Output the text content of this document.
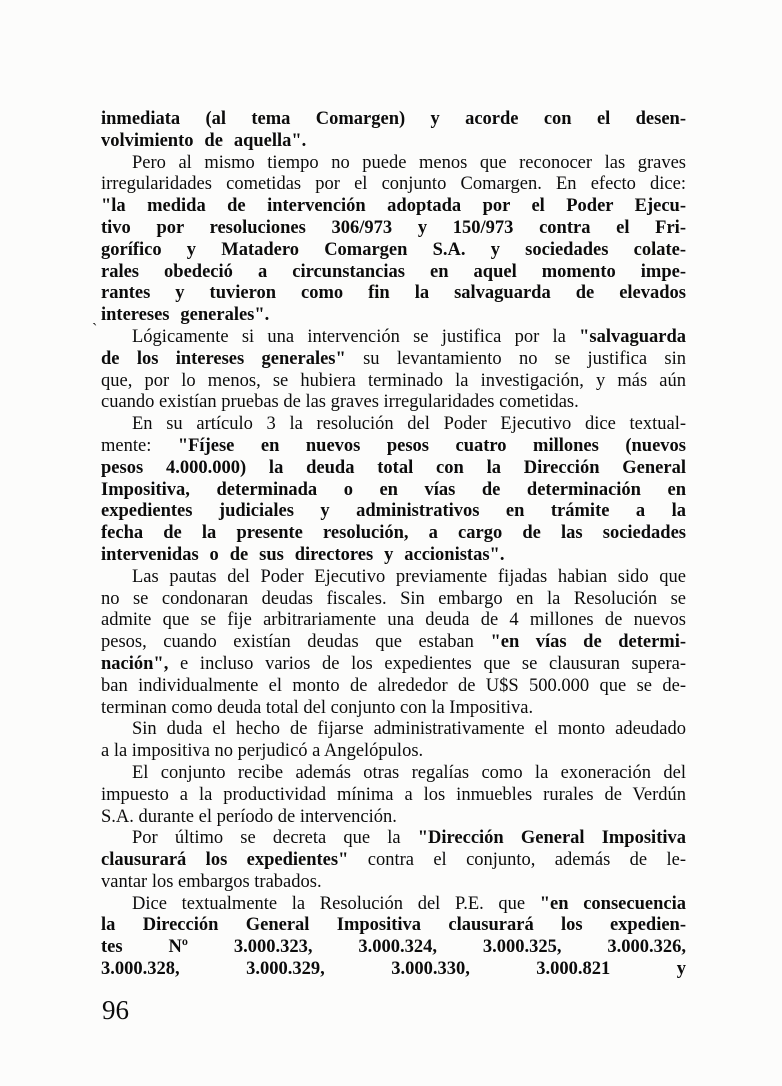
`
inmediata (al tema Comargen) y acorde con el desen-
volvimiento de aquella".
Pero al mismo tiempo no puede menos que reconocer las graves
irregularidades cometidas por el conjunto Comargen. En efecto dice:
"la medida de intervención adoptada por el Poder Ejecu-
tivo por resoluciones 306/973 y 150/973 contra el Fri-
gorífico y Matadero Comargen S.A. y sociedades colate-
rales obedeció a circunstancias en aquel momento impe-
rantes y tuvieron como fin la salvaguarda de elevados
intereses generales".
Lógicamente si una intervención se justifica por la "salvaguarda
de los intereses generales" su levantamiento no se justifica sin
que, por lo menos, se hubiera terminado la investigación, y más aún
cuando existían pruebas de las graves irregularidades cometidas.
En su artículo 3 la resolución del Poder Ejecutivo dice textual-
mente: "Fíjese en nuevos pesos cuatro millones (nuevos
pesos 4.000.000) la deuda total con la Dirección General
Impositiva, determinada o en vías de determinación en
expedientes judiciales y administrativos en trámite a la
fecha de la presente resolución, a cargo de las sociedades
intervenidas o de sus directores y accionistas".
Las pautas del Poder Ejecutivo previamente fijadas habian sido que
no se condonaran deudas fiscales. Sin embargo en la Resolución se
admite que se fije arbitrariamente una deuda de 4 millones de nuevos
pesos, cuando existían deudas que estaban "en vías de determi-
nación", e incluso varios de los expedientes que se clausuran supera-
ban individualmente el monto de alrededor de U$S 500.000 que se de-
terminan como deuda total del conjunto con la Impositiva.
Sin duda el hecho de fijarse administrativamente el monto adeudado
a la impositiva no perjudicó a Angelópulos.
El conjunto recibe además otras regalías como la exoneración del
impuesto a la productividad mínima a los inmuebles rurales de Verdún
S.A. durante el período de intervención.
Por último se decreta que la "Dirección General Impositiva
clausurará los expedientes" contra el conjunto, además de le-
vantar los embargos trabados.
Dice textualmente la Resolución del P.E. que "en consecuencia
la Dirección General Impositiva clausurará los expedien-
tes Nº 3.000.323, 3.000.324, 3.000.325, 3.000.326,
3.000.328, 3.000.329, 3.000.330, 3.000.821 y
96
